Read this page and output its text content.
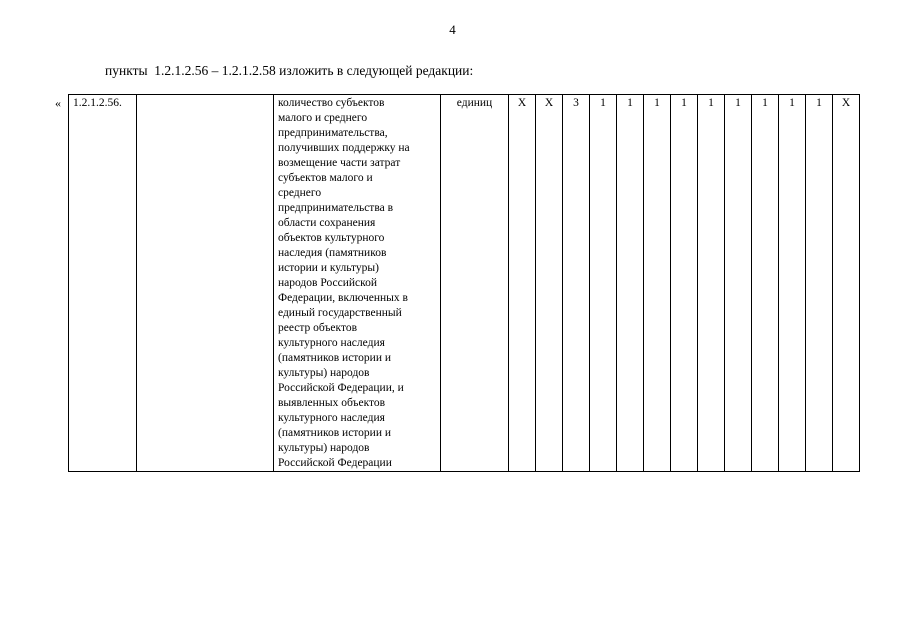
4
пункты  1.2.1.2.56 – 1.2.1.2.58 изложить в следующей редакции:
« 1.2.1.2.56.		количество субъектов
малого и среднего
предпринимательства,
получивших поддержку на
возмещение части затрат
субъектов малого и
среднего
предпринимательства в
области сохранения
объектов культурного
наследия (памятников
истории и культуры)
народов Российской
Федерации, включенных в
единый государственный
реестр объектов
культурного наследия
(памятников истории и
культуры) народов
Российской Федерации, и
выявленных объектов
культурного наследия
(памятников истории и
культуры) народов
Российской Федерации
	единиц	Х	Х	3	1	1	1	1	1	1	1	1	1	Х
